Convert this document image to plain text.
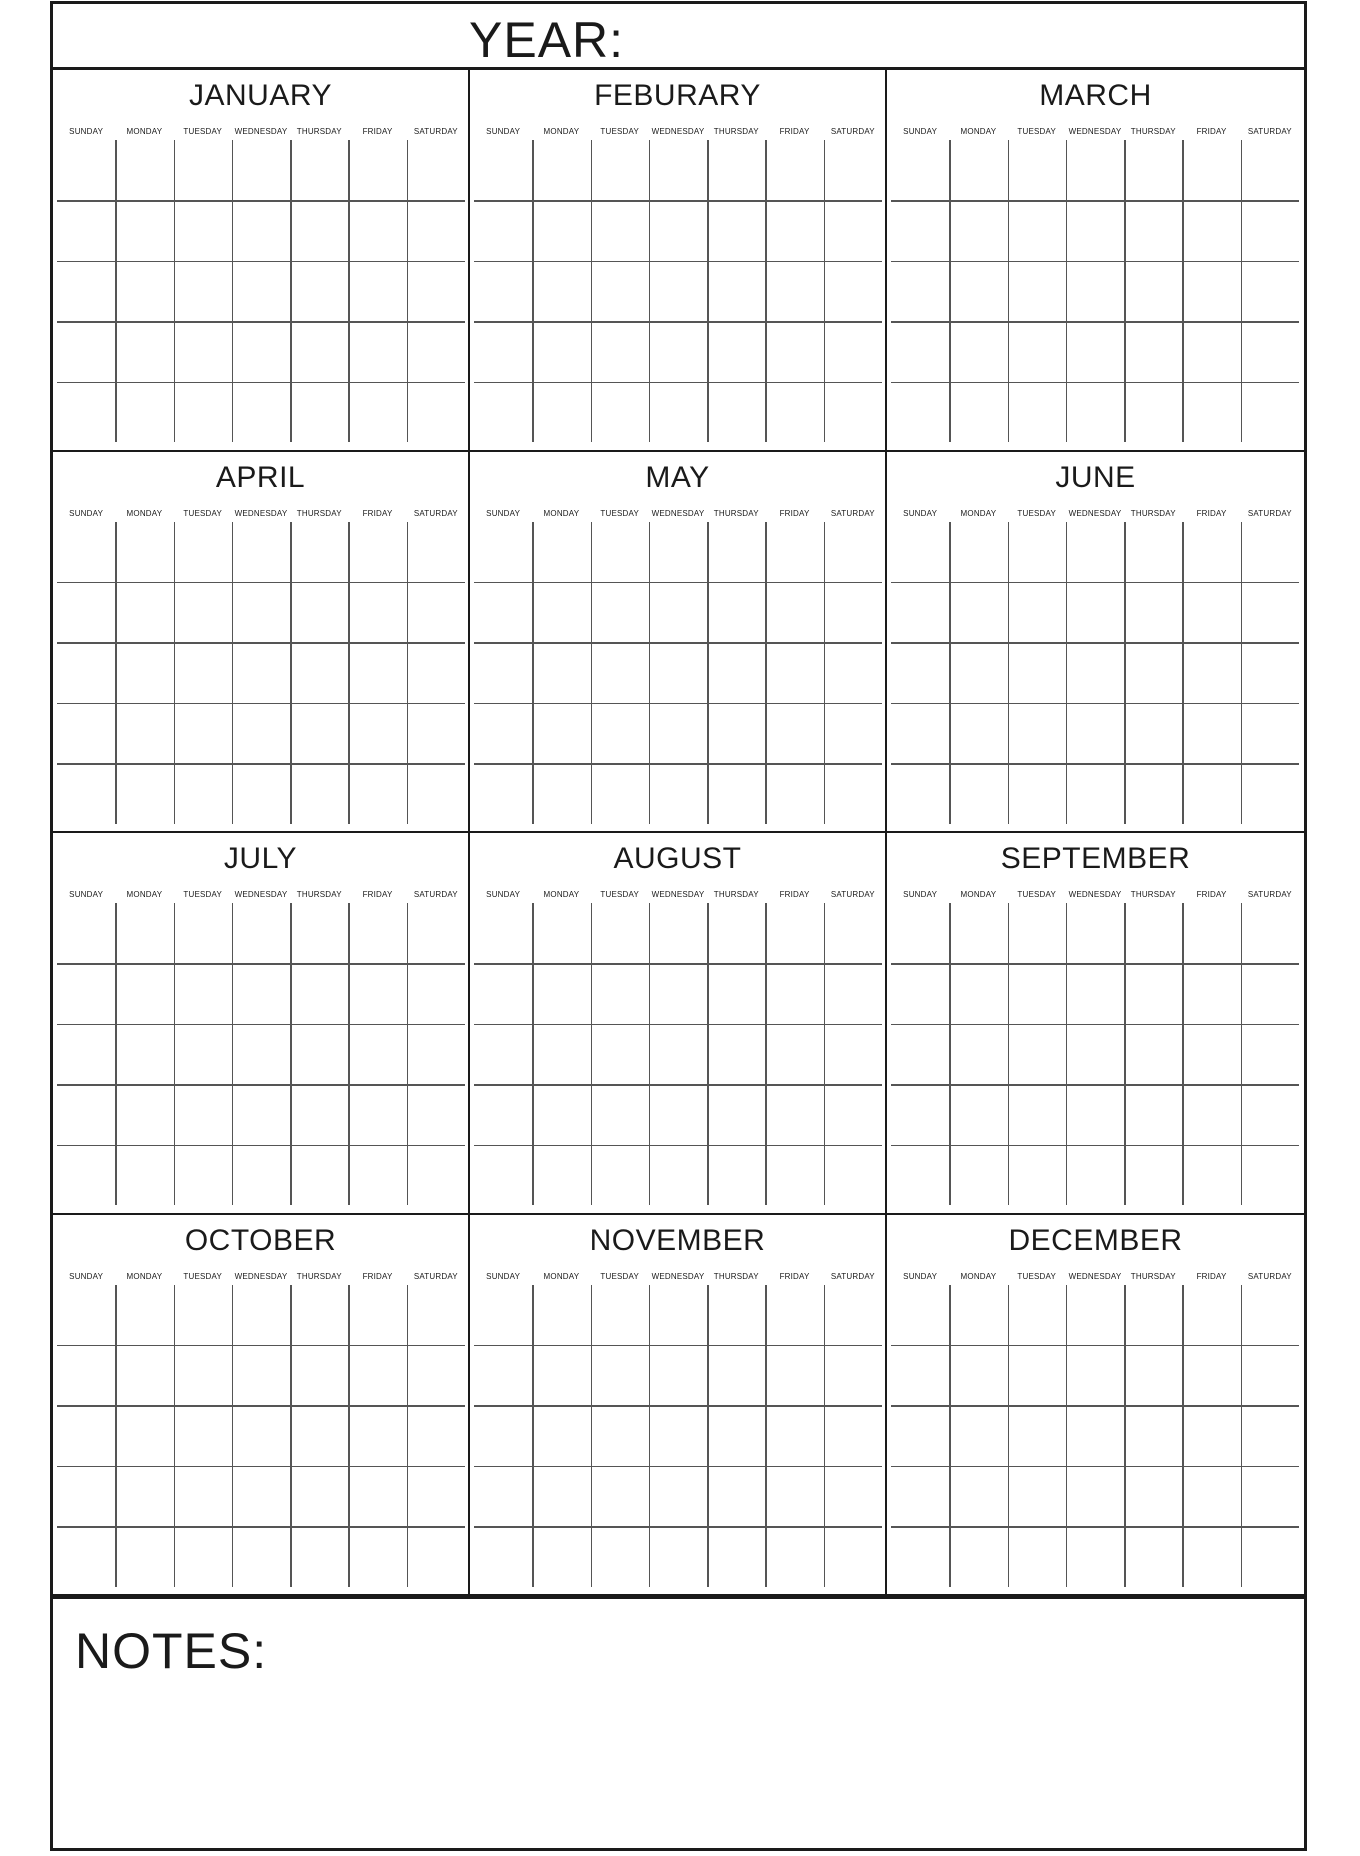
YEAR:
JANUARY
SUNDAY	MONDAY	TUESDAY	WEDNESDAY	THURSDAY	FRIDAY	SATURDAY
FEBURARY
SUNDAY	MONDAY	TUESDAY	WEDNESDAY	THURSDAY	FRIDAY	SATURDAY
MARCH
SUNDAY	MONDAY	TUESDAY	WEDNESDAY	THURSDAY	FRIDAY	SATURDAY
APRIL
SUNDAY	MONDAY	TUESDAY	WEDNESDAY	THURSDAY	FRIDAY	SATURDAY
MAY
SUNDAY	MONDAY	TUESDAY	WEDNESDAY	THURSDAY	FRIDAY	SATURDAY
JUNE
SUNDAY	MONDAY	TUESDAY	WEDNESDAY	THURSDAY	FRIDAY	SATURDAY
JULY
SUNDAY	MONDAY	TUESDAY	WEDNESDAY	THURSDAY	FRIDAY	SATURDAY
AUGUST
SUNDAY	MONDAY	TUESDAY	WEDNESDAY	THURSDAY	FRIDAY	SATURDAY
SEPTEMBER
SUNDAY	MONDAY	TUESDAY	WEDNESDAY	THURSDAY	FRIDAY	SATURDAY
OCTOBER
SUNDAY	MONDAY	TUESDAY	WEDNESDAY	THURSDAY	FRIDAY	SATURDAY
NOVEMBER
SUNDAY	MONDAY	TUESDAY	WEDNESDAY	THURSDAY	FRIDAY	SATURDAY
DECEMBER
SUNDAY	MONDAY	TUESDAY	WEDNESDAY	THURSDAY	FRIDAY	SATURDAY
NOTES:
